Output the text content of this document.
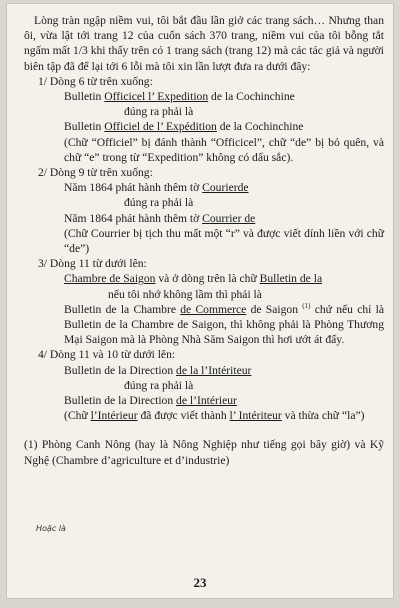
Lòng tràn ngập niềm vui, tôi bắt đầu lần giở các trang sách… Nhưng than ôi, vừa lật tới trang 12 của cuốn sách 370 trang, niềm vui của tôi bỗng tắt ngấm mất 1/3 khi thấy trên có 1 trang sách (trang 12) mà các tác giả và người biên tập đã để lại tới 6 lỗi mà tôi xin lần lượt đưa ra dưới đây:

1/ Dòng 6 từ trên xuống:

Bulletin Officicel l’ Expedition de la Cochinchine

đúng ra phải là

Bulletin Officiel de l’ Expédition de la Cochinchine

(Chữ “Officiel” bị đánh thành “Officicel”, chữ “de” bị bỏ quên, và chữ “e” trong từ “Expedition” không có dấu sắc).

2/ Dòng 9 từ trên xuống:

Năm 1864 phát hành thêm tờ Courierde

đúng ra phải là

Năm 1864 phát hành thêm tờ Courrier de

(Chữ Courrier bị tịch thu mất một “r” và được viết dính liền với chữ “de”)

3/ Dòng 11 từ dưới lên:

Chambre de Saigon và ở dòng trên là chữ Bulletin de la

nếu tôi nhớ không lầm thì phải là

Bulletin de la Chambre de Commerce de Saigon $^{(1)}$ chứ nếu chỉ là Bulletin de la Chambre de Saigon, thì không phải là Phòng Thương Mại Saigon mà là Phòng Nhà Săm Saigon thì hơi ướt át đấy.

4/ Dòng 11 và 10 từ dưới lên:

Bulletin de la Direction de la l’Intériteur

đúng ra phải là

Bulletin de la Direction de l’Intérieur

(Chữ l’Intérieur đã được viết thành l’ Intériteur và thừa chữ “la”)

(1) Phòng Canh Nông (hay là Nông Nghiệp như tiếng gọi bây giờ) và Kỹ Nghệ (Chambre d’agriculture et d’industrie)

Hoặc là
23
